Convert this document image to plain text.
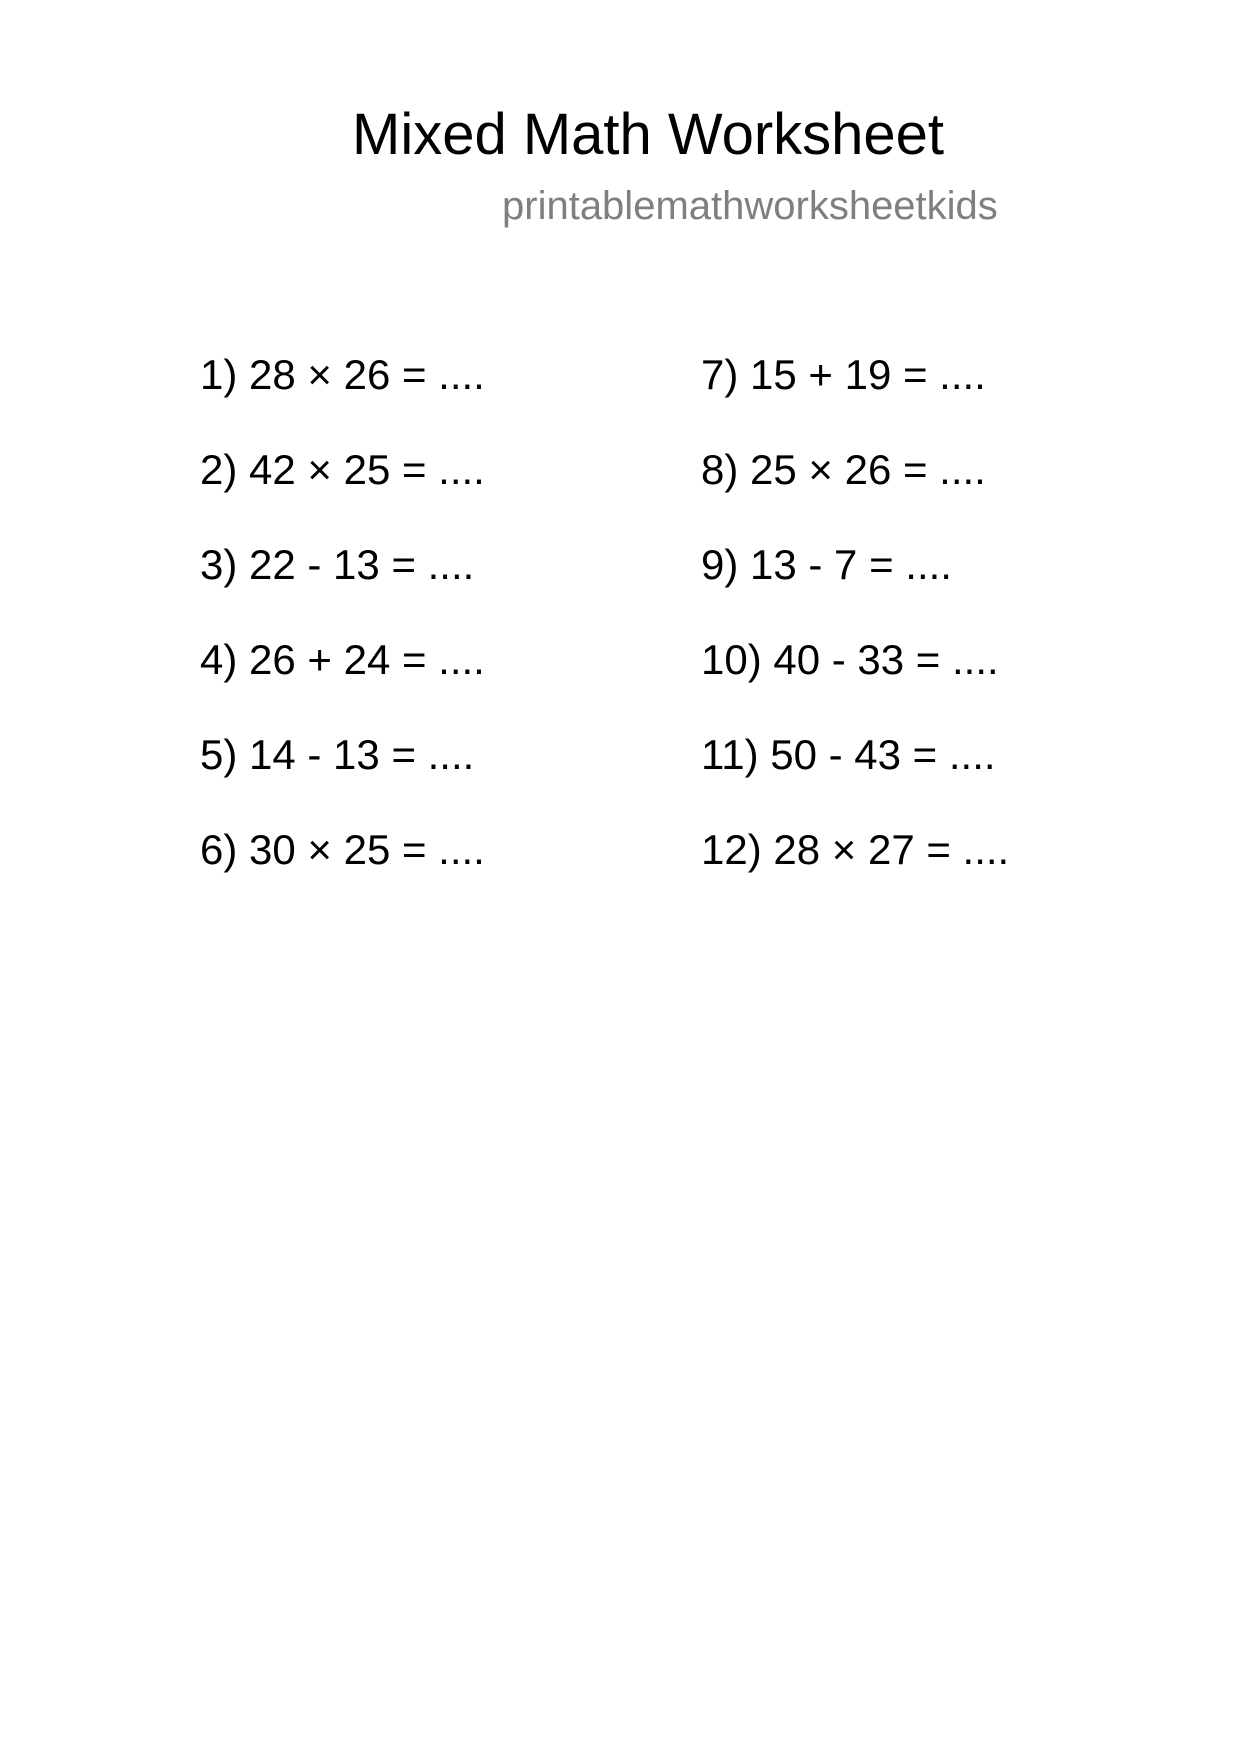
Mixed Math Worksheet
printablemathworksheetkids
1) 28 × 26 = ....
2) 42 × 25 = ....
3) 22 - 13 = ....
4) 26 + 24 = ....
5) 14 - 13 = ....
6) 30 × 25 = ....
7) 15 + 19 = ....
8) 25 × 26 = ....
9) 13 - 7 = ....
10) 40 - 33 = ....
11) 50 - 43 = ....
12) 28 × 27 = ....
